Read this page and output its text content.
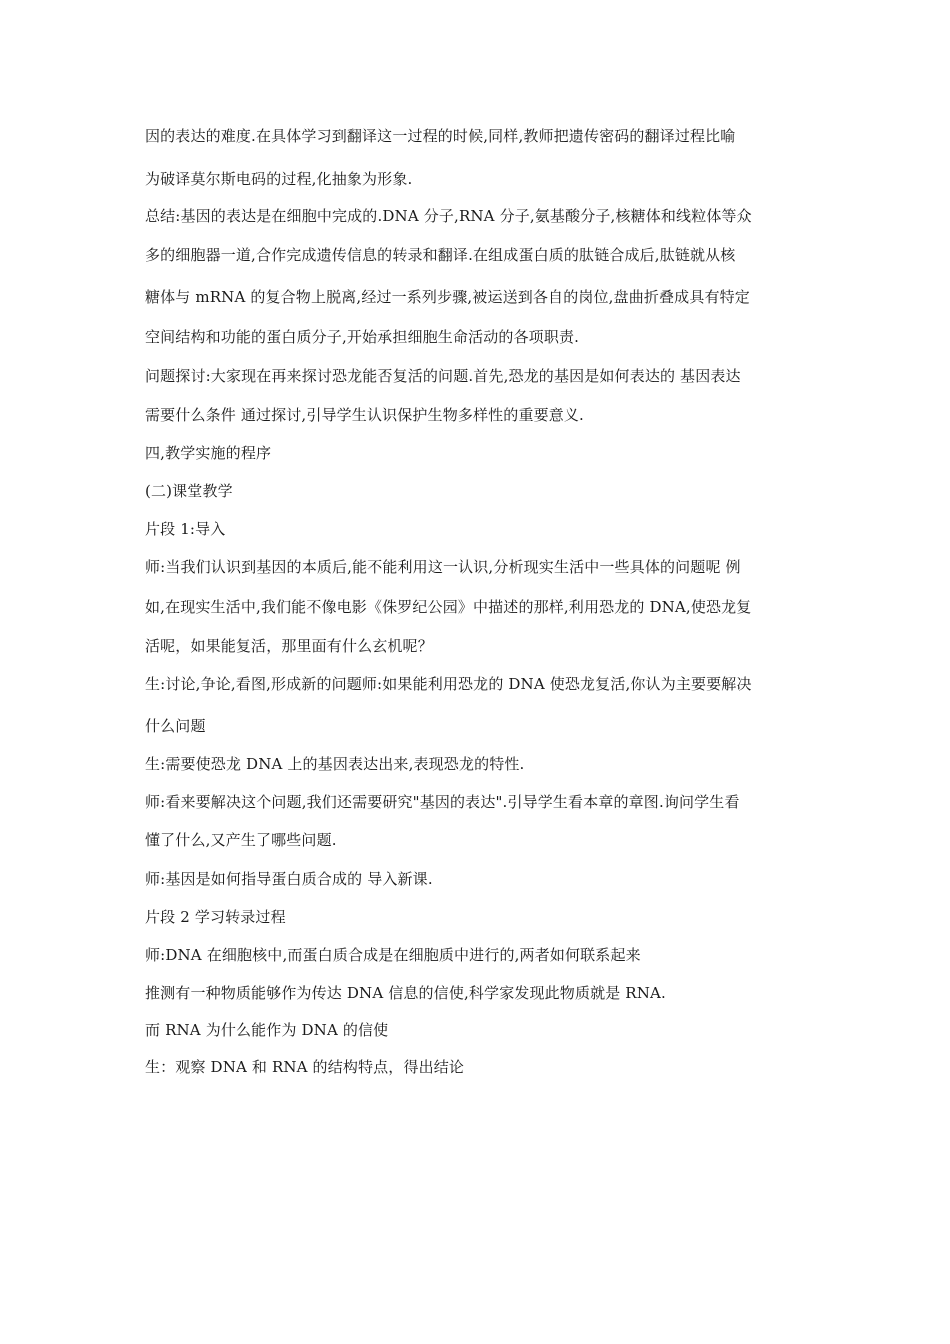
因的表达的难度.在具体学习到翻译这一过程的时候,同样,教师把遗传密码的翻译过程比喻
为破译莫尔斯电码的过程,化抽象为形象.
总结:基因的表达是在细胞中完成的.DNA 分子,RNA 分子,氨基酸分子,核糖体和线粒体等众
多的细胞器一道,合作完成遗传信息的转录和翻译.在组成蛋白质的肽链合成后,肽链就从核
糖体与 mRNA 的复合物上脱离,经过一系列步骤,被运送到各自的岗位,盘曲折叠成具有特定
空间结构和功能的蛋白质分子,开始承担细胞生命活动的各项职责.
问题探讨:大家现在再来探讨恐龙能否复活的问题.首先,恐龙的基因是如何表达的 基因表达
需要什么条件 通过探讨,引导学生认识保护生物多样性的重要意义.
四,教学实施的程序
(二)课堂教学
片段 1:导入
师:当我们认识到基因的本质后,能不能利用这一认识,分析现实生活中一些具体的问题呢 例
如,在现实生活中,我们能不像电影《侏罗纪公园》中描述的那样,利用恐龙的 DNA,使恐龙复
活呢，如果能复活，那里面有什么玄机呢？
生:讨论,争论,看图,形成新的问题师:如果能利用恐龙的 DNA 使恐龙复活,你认为主要要解决
什么问题
生:需要使恐龙 DNA 上的基因表达出来,表现恐龙的特性.
师:看来要解决这个问题,我们还需要研究"基因的表达".引导学生看本章的章图.询问学生看
懂了什么,又产生了哪些问题.
师:基因是如何指导蛋白质合成的 导入新课.
片段 2 学习转录过程
师:DNA 在细胞核中,而蛋白质合成是在细胞质中进行的,两者如何联系起来
推测有一种物质能够作为传达 DNA 信息的信使,科学家发现此物质就是 RNA.
而 RNA 为什么能作为 DNA 的信使
生：观察 DNA 和 RNA 的结构特点，得出结论
